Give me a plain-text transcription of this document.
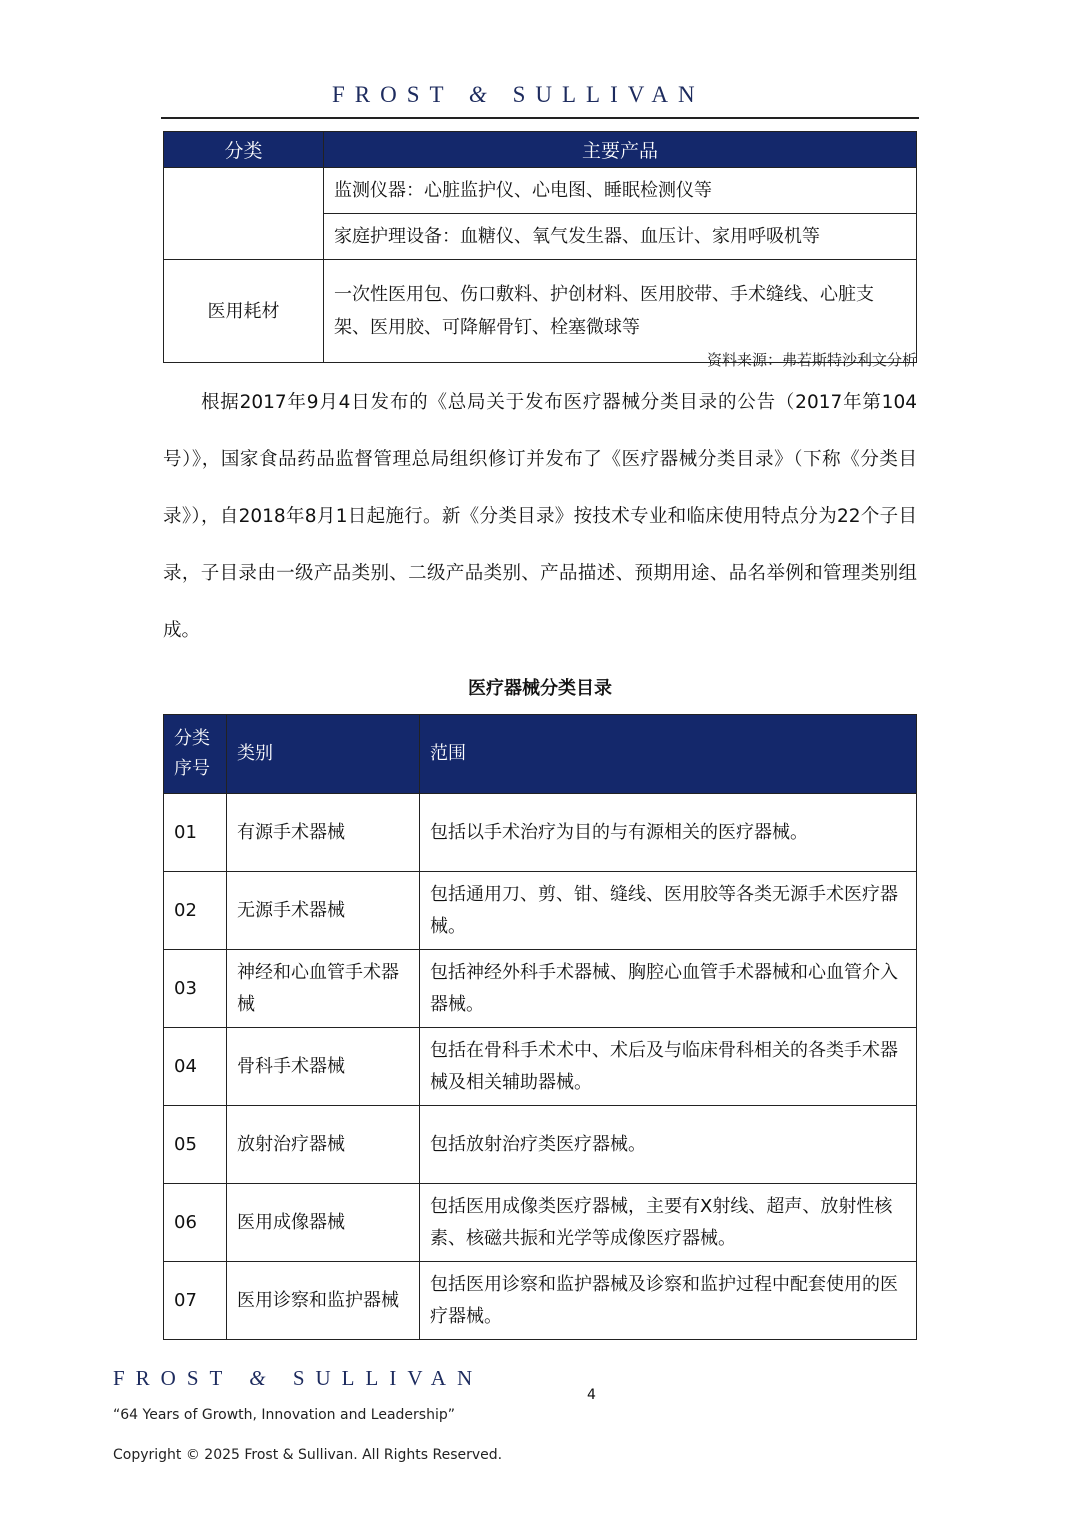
FROST & SULLIVAN
分类	主要产品
	监测仪器：心脏监护仪、心电图、睡眠检测仪等
	家庭护理设备：血糖仪、氧气发生器、血压计、家用呼吸机等
医用耗材	一次性医用包、伤口敷料、护创材料、医用胶带、手术缝线、心脏支架、医用胶、可降解骨钉、栓塞微球等
资料来源：弗若斯特沙利文分析

根据2017年9月4日发布的《总局关于发布医疗器械分类目录的公告（2017年第104号）》，国家食品药品监督管理总局组织修订并发布了《医疗器械分类目录》（下称《分类目录》），自2018年8月1日起施行。新《分类目录》按技术专业和临床使用特点分为22个子目录，子目录由一级产品类别、二级产品类别、产品描述、预期用途、品名举例和管理类别组成。

医疗器械分类目录
分类序号	类别	范围
01	有源手术器械	包括以手术治疗为目的与有源相关的医疗器械。
02	无源手术器械	包括通用刀、剪、钳、缝线、医用胶等各类无源手术医疗器械。
03	神经和心血管手术器械	包括神经外科手术器械、胸腔心血管手术器械和心血管介入器械。
04	骨科手术器械	包括在骨科手术术中、术后及与临床骨科相关的各类手术器械及相关辅助器械。
05	放射治疗器械	包括放射治疗类医疗器械。
06	医用成像器械	包括医用成像类医疗器械，主要有X射线、超声、放射性核素、核磁共振和光学等成像医疗器械。
07	医用诊察和监护器械	包括医用诊察和监护器械及诊察和监护过程中配套使用的医疗器械。
FROST & SULLIVAN
4
“64 Years of Growth, Innovation and Leadership”
Copyright © 2025 Frost & Sullivan. All Rights Reserved.
